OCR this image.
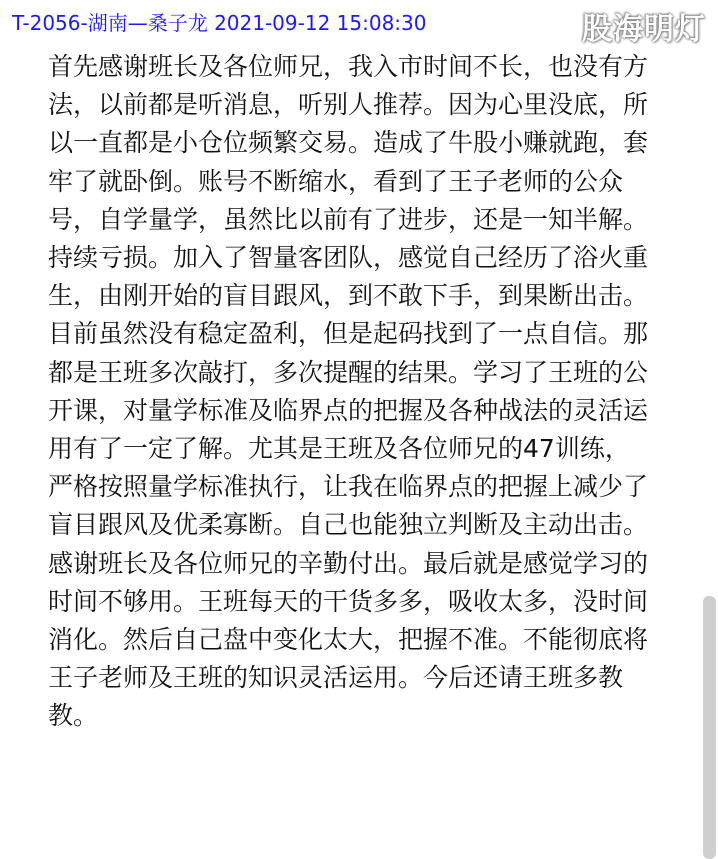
T-2056-湖南—桑子龙 2021-09-12 15:08:30	股海明灯
首先感谢班长及各位师兄，我入市时间不长，也没有方
法，以前都是听消息，听别人推荐。因为心里没底，所
以一直都是小仓位频繁交易。造成了牛股小赚就跑，套
牢了就卧倒。账号不断缩水，看到了王子老师的公众
号，自学量学，虽然比以前有了进步，还是一知半解。
持续亏损。加入了智量客团队，感觉自己经历了浴火重
生，由刚开始的盲目跟风，到不敢下手，到果断出击。
目前虽然没有稳定盈利，但是起码找到了一点自信。那
都是王班多次敲打，多次提醒的结果。学习了王班的公
开课，对量学标准及临界点的把握及各种战法的灵活运
用有了一定了解。尤其是王班及各位师兄的47训练，
严格按照量学标准执行，让我在临界点的把握上减少了
盲目跟风及优柔寡断。自己也能独立判断及主动出击。
感谢班长及各位师兄的辛勤付出。最后就是感觉学习的
时间不够用。王班每天的干货多多，吸收太多，没时间
消化。然后自己盘中变化太大，把握不准。不能彻底将
王子老师及王班的知识灵活运用。今后还请王班多教
教。
